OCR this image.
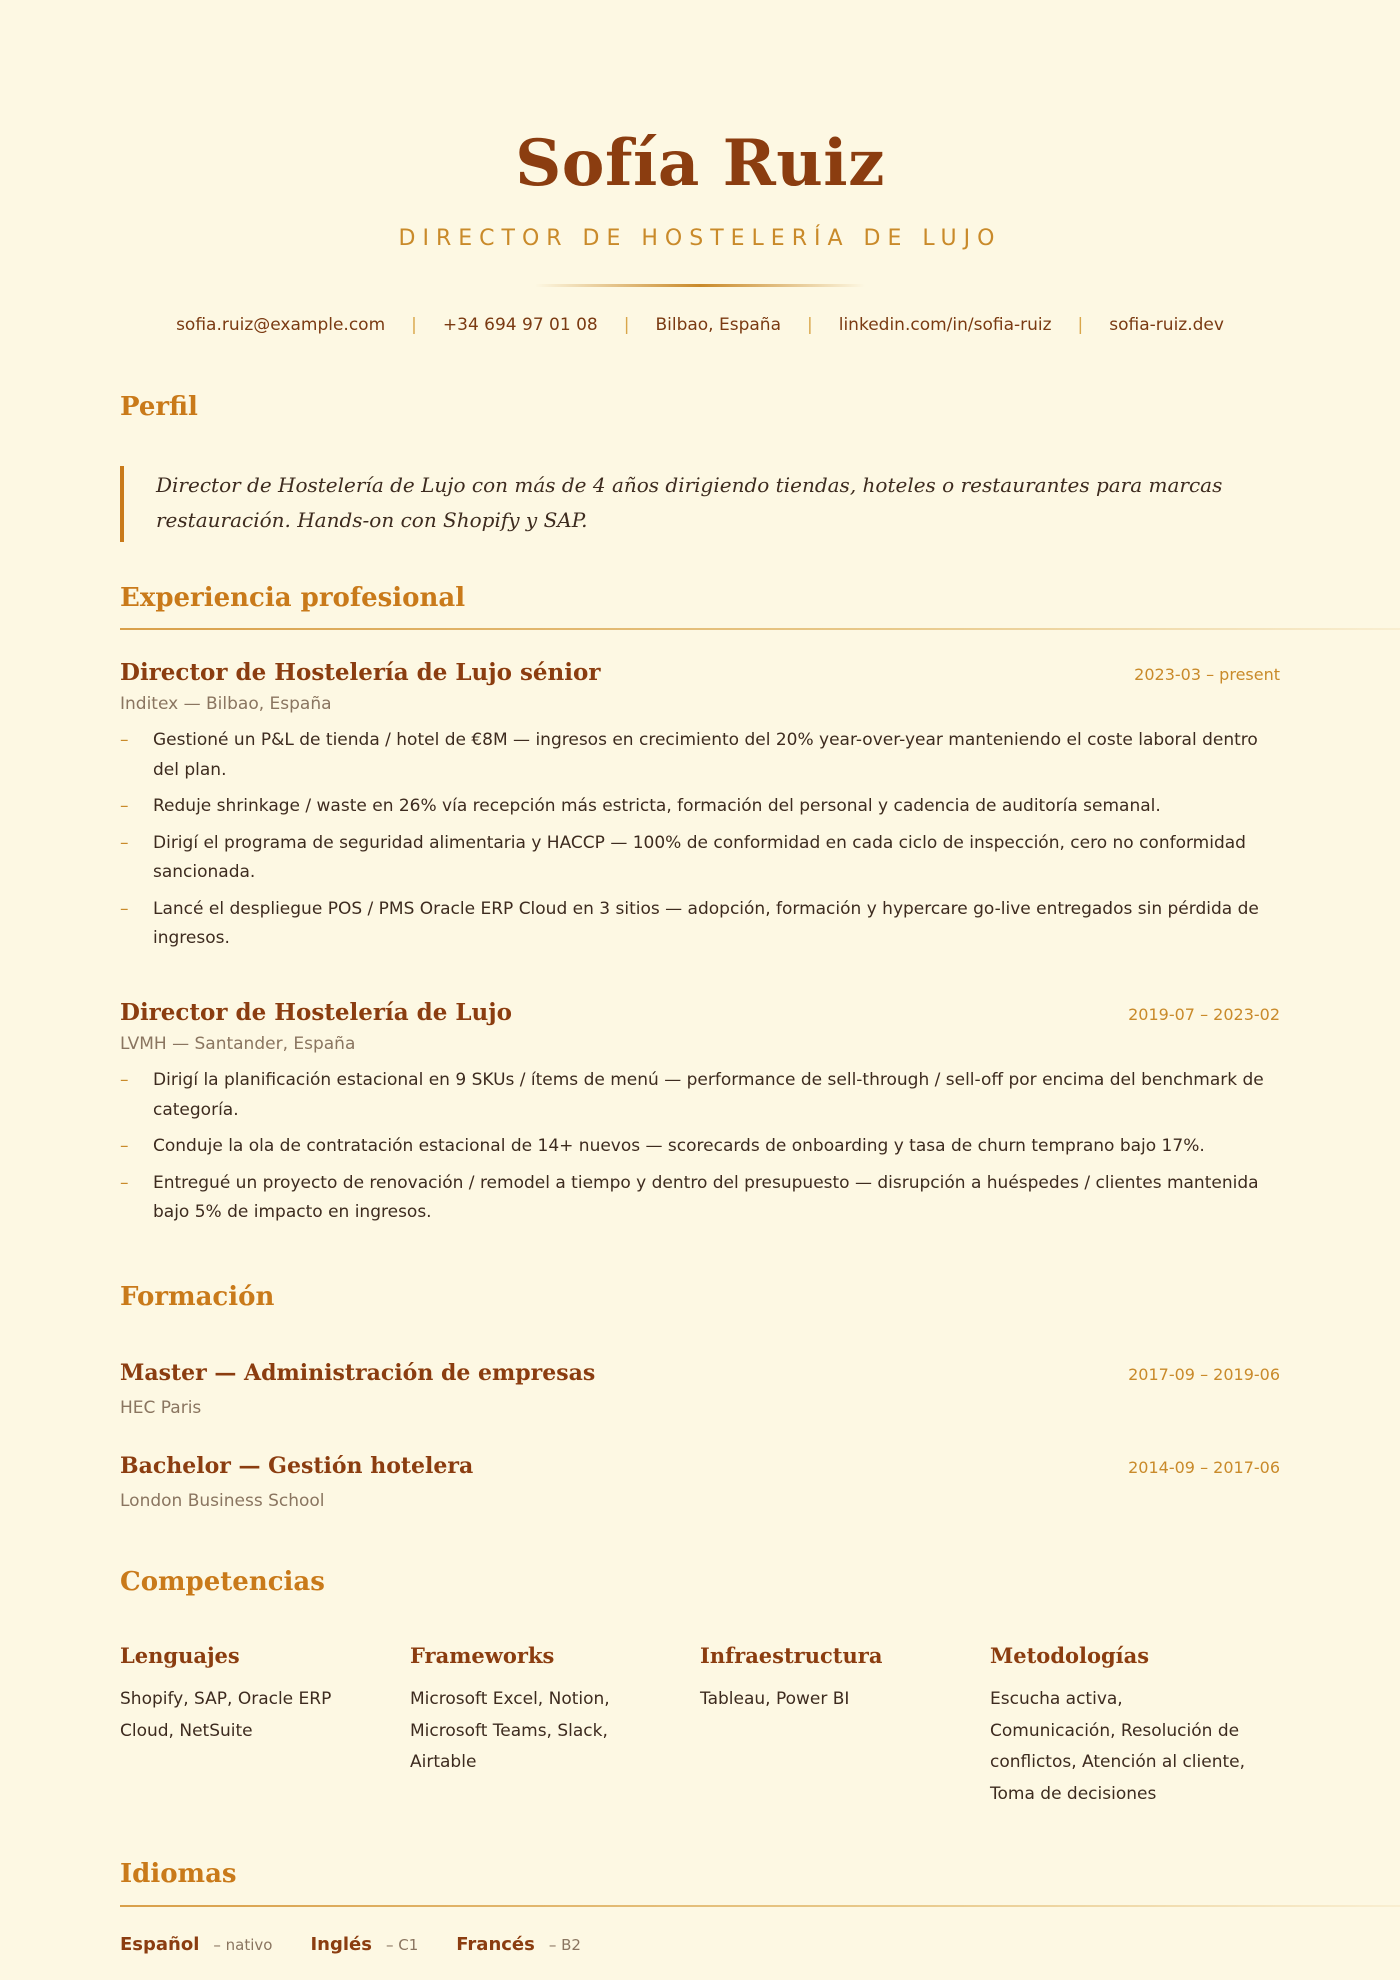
Sofía Ruiz
DIRECTOR DE HOSTELERÍA DE LUJO
sofia.ruiz@example.com | +34 694 97 01 08 | Bilbao, España | linkedin.com/in/sofia-ruiz | sofia-ruiz.dev
Perfil

Director de Hostelería de Lujo con más de 4 años dirigiendo tiendas, hoteles o restaurantes para marcas restauración. Hands-on con Shopify y SAP.

Experiencia profesional
Director de Hostelería de Lujo sénior	2023-03 – present
Inditex — Bilbao, España
– Gestioné un P&L de tienda / hotel de €8M — ingresos en crecimiento del 20% year-over-year manteniendo el coste laboral dentro del plan.
– Reduje shrinkage / waste en 26% vía recepción más estricta, formación del personal y cadencia de auditoría semanal.
– Dirigí el programa de seguridad alimentaria y HACCP — 100% de conformidad en cada ciclo de inspección, cero no conformidad sancionada.
– Lancé el despliegue POS / PMS Oracle ERP Cloud en 3 sitios — adopción, formación y hypercare go-live entregados sin pérdida de ingresos.
Director de Hostelería de Lujo	2019-07 – 2023-02
LVMH — Santander, España
– Dirigí la planificación estacional en 9 SKUs / ítems de menú — performance de sell-through / sell-off por encima del benchmark de categoría.
– Conduje la ola de contratación estacional de 14+ nuevos — scorecards de onboarding y tasa de churn temprano bajo 17%.
– Entregué un proyecto de renovación / remodel a tiempo y dentro del presupuesto — disrupción a huéspedes / clientes mantenida bajo 5% de impacto en ingresos.
Formación
Master — Administración de empresas	2017-09 – 2019-06
HEC Paris
Bachelor — Gestión hotelera	2014-09 – 2017-06
London Business School
Competencias
Lenguajes
Shopify, SAP, Oracle ERP Cloud, NetSuite
Frameworks
Microsoft Excel, Notion, Microsoft Teams, Slack, Airtable
Infraestructura
Tableau, Power BI
Metodologías
Escucha activa, Comunicación, Resolución de conflictos, Atención al cliente, Toma de decisiones
Idiomas
Español – nativo Inglés – C1 Francés – B2
